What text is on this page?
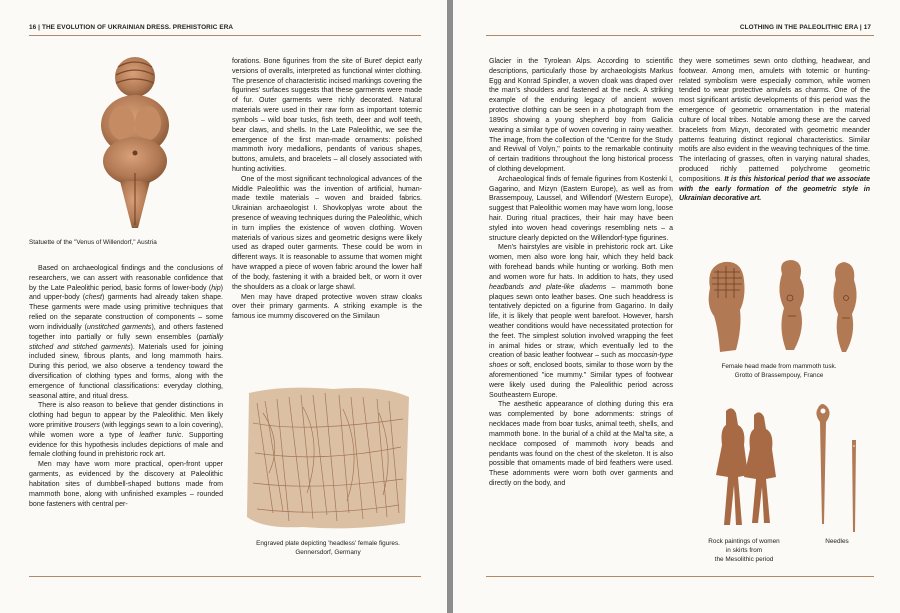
16 | THE EVOLUTION OF UKRAINIAN DRESS. PREHISTORIC ERA
Statuette of the "Venus of Willendorf," Austria

Based on archaeological findings and the conclusions of researchers, we can assert with reasonable confidence that by the Late Paleolithic period, basic forms of lower-body (hip) and upper-body (chest) garments had already taken shape. These garments were made using primitive techniques that relied on the separate construction of components – some worn individually (unstitched garments), and others fastened together into partially or fully sewn ensembles (partially stitched and stitched garments). Materials used for joining included sinew, fibrous plants, and long mammoth hairs. During this period, we also observe a tendency toward the diversification of clothing types and forms, along with the emergence of functional classifications: everyday clothing, seasonal attire, and ritual dress.

There is also reason to believe that gender distinctions in clothing had begun to appear by the Paleolithic. Men likely wore primitive trousers (with leggings sewn to a loin covering), while women wore a type of leather tunic. Supporting evidence for this hypothesis includes depictions of male and female clothing found in prehistoric rock art.

Men may have worn more practical, open-front upper garments, as evidenced by the discovery at Paleolithic habitation sites of dumbbell-shaped buttons made from mammoth bone, along with unfinished examples – rounded bone fasteners with central per-

forations. Bone figurines from the site of Buret' depict early versions of overalls, interpreted as functional winter clothing. The presence of characteristic incised markings covering the figurines' surfaces suggests that these garments were made of fur. Outer garments were richly decorated. Natural materials were used in their raw form as important totemic symbols – wild boar tusks, fish teeth, deer and wolf teeth, bear claws, and shells. In the Late Paleolithic, we see the emergence of the first man-made ornaments: polished mammoth ivory medallions, pendants of various shapes, buttons, amulets, and bracelets – all closely associated with hunting activities.

One of the most significant technological advances of the Middle Paleolithic was the invention of artificial, human-made textile materials – woven and braided fabrics. Ukrainian archaeologist I. Shovkoplyas wrote about the presence of weaving techniques during the Paleolithic, which in turn implies the existence of woven clothing. Woven materials of various sizes and geometric designs were likely used as draped outer garments. These could be worn in different ways. It is reasonable to assume that women might have wrapped a piece of woven fabric around the lower half of the body, fastening it with a braided belt, or worn it over the shoulders as a cloak or large shawl.

Men may have draped protective woven straw cloaks over their primary garments. A striking example is the famous ice mummy discovered on the Similaun

Engraved plate depicting 'headless' female figures.
Gennersdorf, Germany
CLOTHING IN THE PALEOLITHIC ERA | 17

Glacier in the Tyrolean Alps. According to scientific descriptions, particularly those by archaeologists Markus Egg and Konrad Spindler, a woven cloak was draped over the man's shoulders and fastened at the neck. A striking example of the enduring legacy of ancient woven protective clothing can be seen in a photograph from the 1890s showing a young shepherd boy from Galicia wearing a similar type of woven covering in rainy weather. The image, from the collection of the "Centre for the Study and Revival of Volyn," points to the remarkable continuity of certain traditions throughout the long historical process of clothing development.

Archaeological finds of female figurines from Kostenki I, Gagarino, and Mizyn (Eastern Europe), as well as from Brassempouy, Laussel, and Willendorf (Western Europe), suggest that Paleolithic women may have worn long, loose hair. During ritual practices, their hair may have been styled into woven head coverings resembling nets – a structure clearly depicted on the Willendorf-type figurines.

Men's hairstyles are visible in prehistoric rock art. Like women, men also wore long hair, which they held back with forehead bands while hunting or working. Both men and women wore fur hats. In addition to hats, they used headbands and plate-like diadems – mammoth bone plaques sewn onto leather bases. One such headdress is tentatively depicted on a figurine from Gagarino. In daily life, it is likely that people went barefoot. However, harsh weather conditions would have necessitated protection for the feet. The simplest solution involved wrapping the feet in animal hides or straw, which eventually led to the creation of basic leather footwear – such as moccasin-type shoes or soft, enclosed boots, similar to those worn by the aforementioned "ice mummy." Similar types of footwear were likely used during the Paleolithic period across Southeastern Europe.

The aesthetic appearance of clothing during this era was complemented by bone adornments: strings of necklaces made from boar tusks, animal teeth, shells, and mammoth bone. In the burial of a child at the Mal'ta site, a necklace composed of mammoth ivory beads and pendants was found on the chest of the skeleton. It is also possible that ornaments made of bird feathers were used. These adornments were worn both over garments and directly on the body, and

they were sometimes sewn onto clothing, headwear, and footwear. Among men, amulets with totemic or hunting-related symbolism were especially common, while women tended to wear protective amulets as charms. One of the most significant artistic developments of this period was the emergence of geometric ornamentation in the material culture of local tribes. Notable among these are the carved bracelets from Mizyn, decorated with geometric meander patterns featuring distinct regional characteristics. Similar motifs are also evident in the weaving techniques of the time. The interlacing of grasses, often in varying natural shades, produced richly patterned polychrome geometric compositions. It is this historical period that we associate with the early formation of the geometric style in Ukrainian decorative art.

Female head made from mammoth tusk.
Grotto of Brassempouy, France
Rock paintings of women
in skirts from
the Mesolithic period
Needles
